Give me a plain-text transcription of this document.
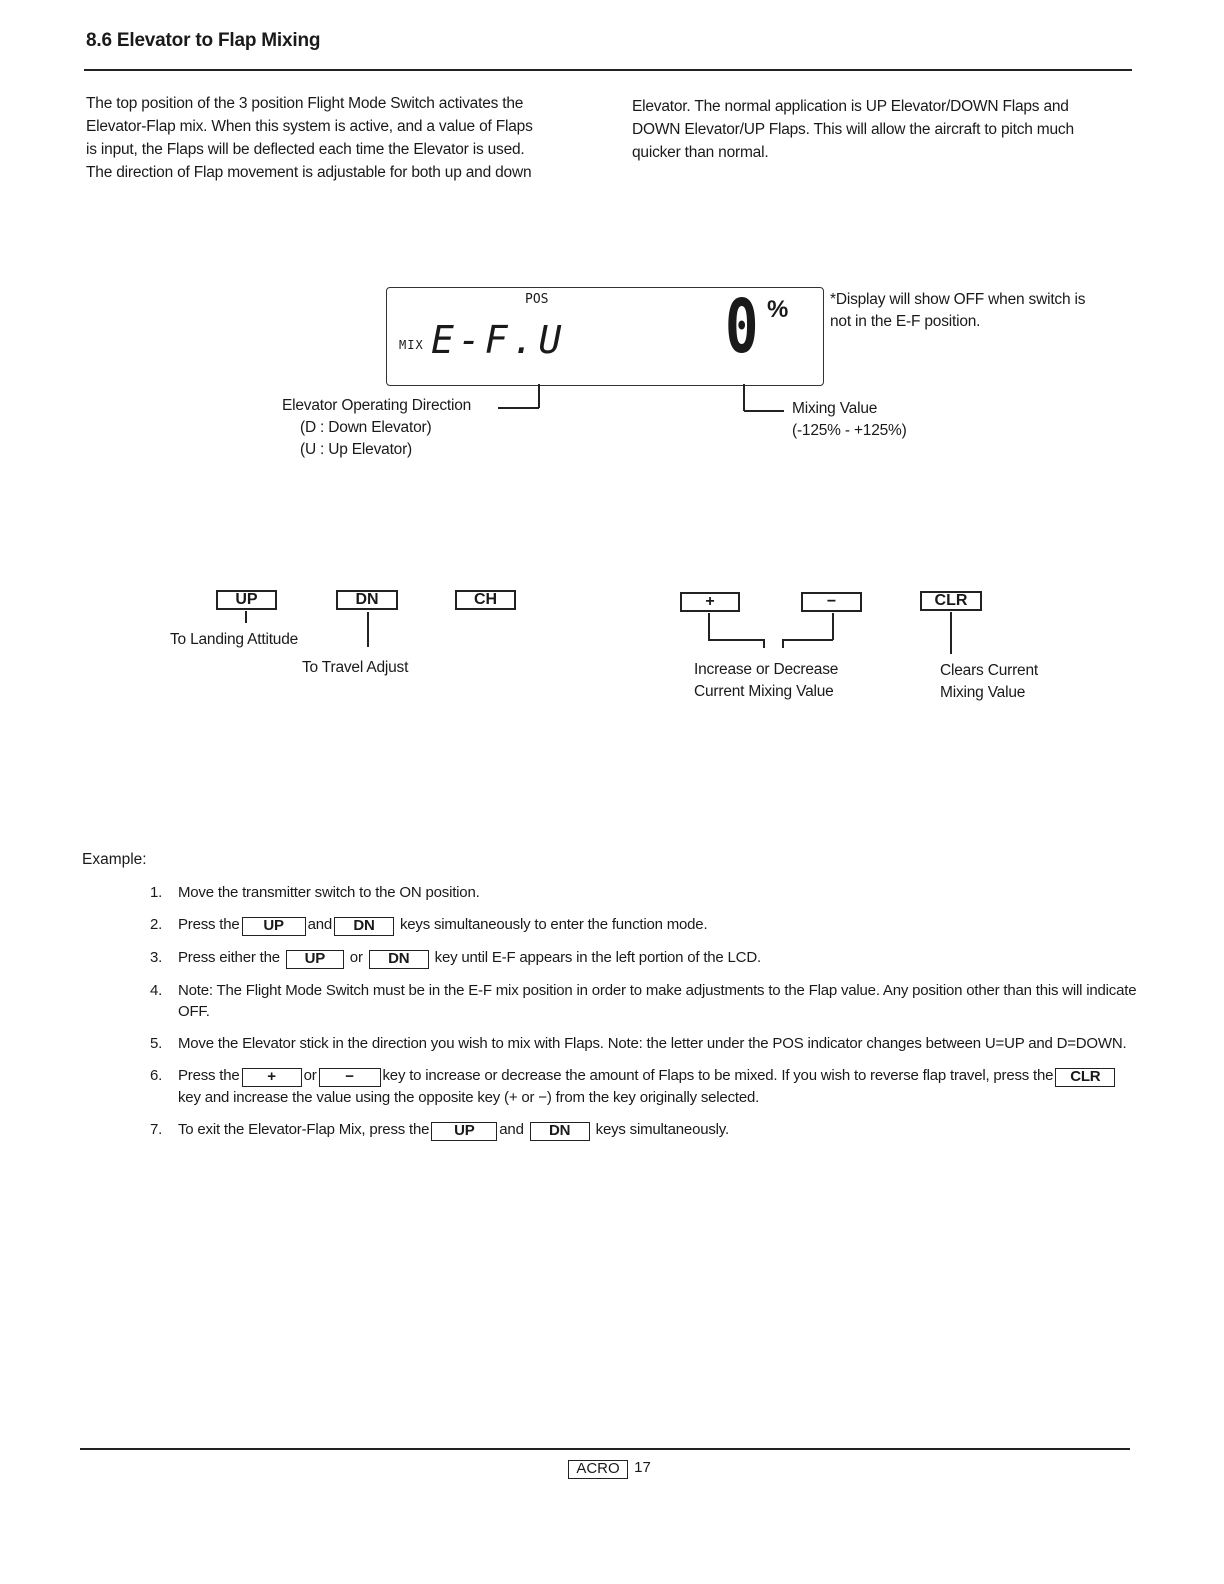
8.6 Elevator to Flap Mixing
The top position of the 3 position Flight Mode Switch activates the
Elevator-Flap mix. When this system is active, and a value of Flaps
is input, the Flaps will be deflected each time the Elevator is used.
The direction of Flap movement is adjustable for both up and down
Elevator. The normal application is UP Elevator/DOWN Flaps and
DOWN Elevator/UP Flaps. This will allow the aircraft to pitch much
quicker than normal.
POS
MIX E-F.U 0 %	*Display will show OFF when switch is
not in the E-F position.
Elevator Operating Direction
(D : Down Elevator)
(U : Up Elevator)
Mixing Value
(-125% - +125%)
UP	DN	CH	+	−	CLR
To Landing Attitude
To Travel Adjust	Increase or Decrease
Current Mixing Value
Clears Current
Mixing Value
Example:
1. Move the transmitter switch to the ON position.
2. Press the UP and DN keys simultaneously to enter the function mode.
3. Press either the UP or DN key until E-F appears in the left portion of the LCD.
4. Note: The Flight Mode Switch must be in the E-F mix position in order to make adjustments to the Flap value. Any position other than this will indicate OFF.
5. Move the Elevator stick in the direction you wish to mix with Flaps. Note: the letter under the POS indicator changes between U=UP and D=DOWN.
6. Press the + or − key to increase or decrease the amount of Flaps to be mixed. If you wish to reverse flap travel, press the CLR key and increase the value using the opposite key (+ or −) from the key originally selected.
7. To exit the Elevator-Flap Mix, press the UP and DN keys simultaneously.
ACRO 17
